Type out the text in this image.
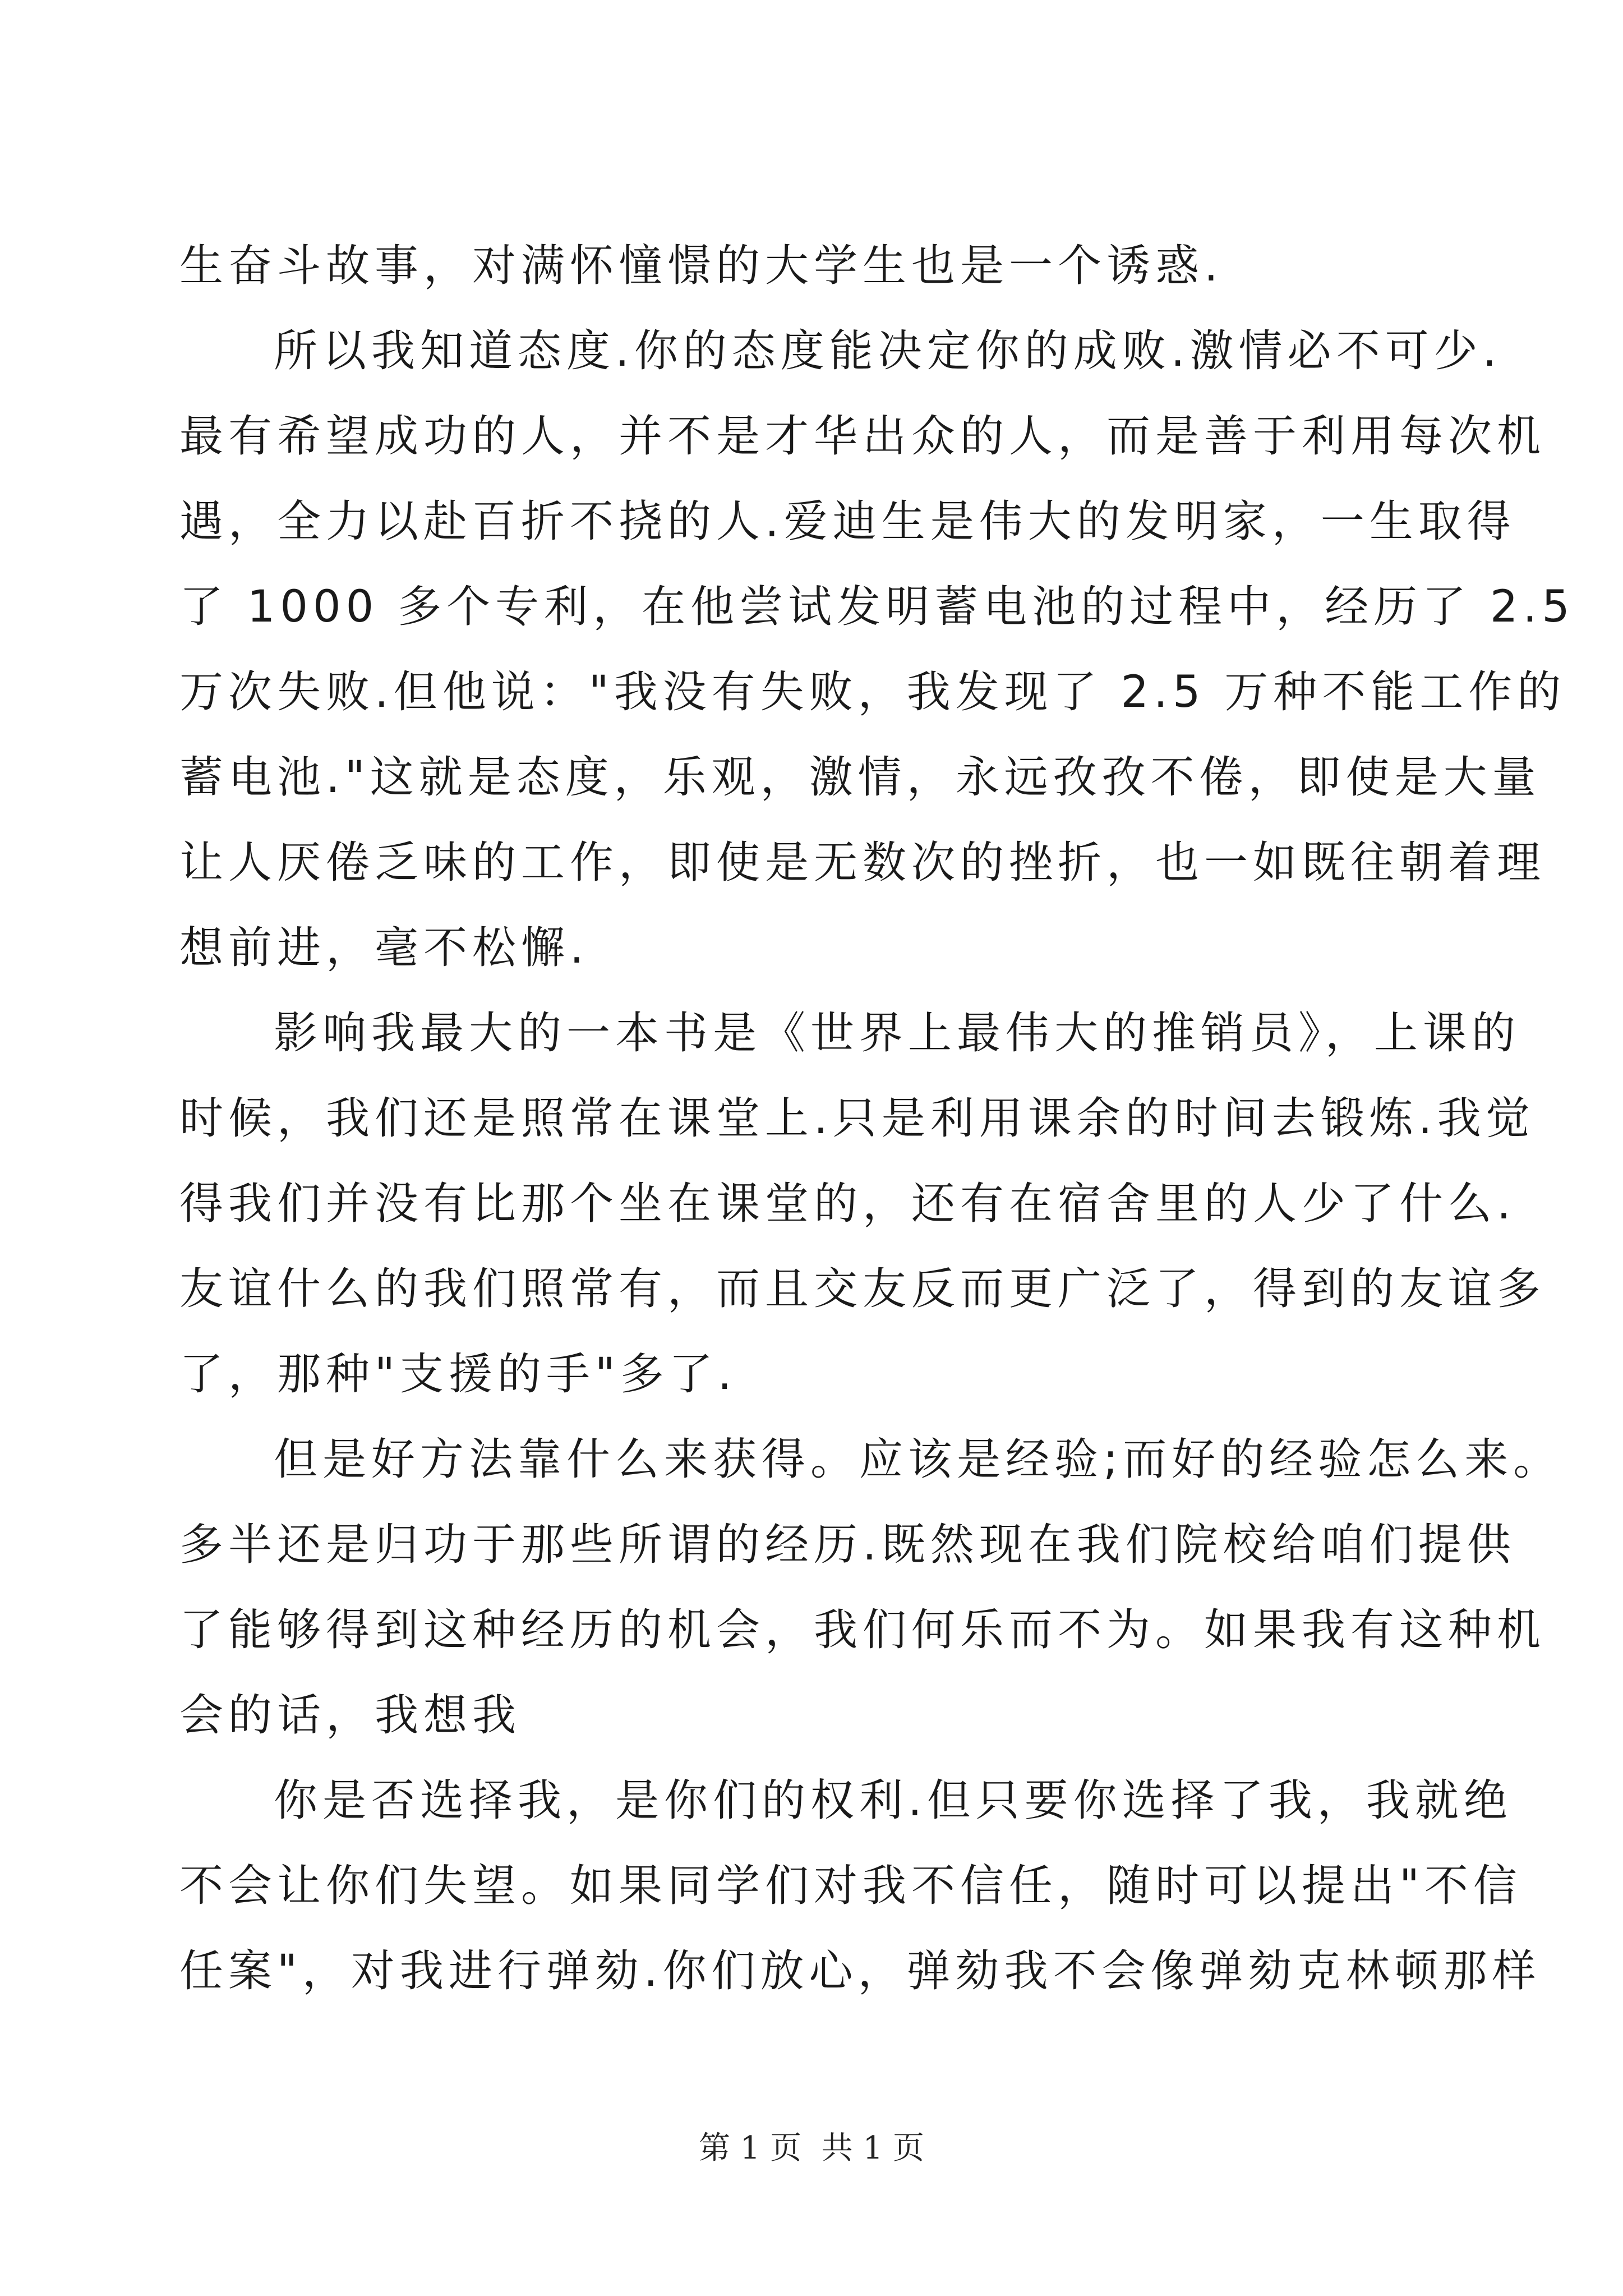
生奋斗故事，对满怀憧憬的大学生也是一个诱惑.
所以我知道态度.你的态度能决定你的成败.激情必不可少.
最有希望成功的人，并不是才华出众的人，而是善于利用每次机
遇，全力以赴百折不挠的人.爱迪生是伟大的发明家，一生取得
了 1000 多个专利，在他尝试发明蓄电池的过程中，经历了 2.5
万次失败.但他说："我没有失败，我发现了 2.5 万种不能工作的
蓄电池."这就是态度，乐观，激情，永远孜孜不倦，即使是大量
让人厌倦乏味的工作，即使是无数次的挫折，也一如既往朝着理
想前进，毫不松懈.
影响我最大的一本书是《世界上最伟大的推销员》，上课的
时候，我们还是照常在课堂上.只是利用课余的时间去锻炼.我觉
得我们并没有比那个坐在课堂的，还有在宿舍里的人少了什么.
友谊什么的我们照常有，而且交友反而更广泛了，得到的友谊多
了，那种"支援的手"多了.
但是好方法靠什么来获得。应该是经验;而好的经验怎么来。
多半还是归功于那些所谓的经历.既然现在我们院校给咱们提供
了能够得到这种经历的机会，我们何乐而不为。如果我有这种机
会的话，我想我
你是否选择我，是你们的权利.但只要你选择了我，我就绝
不会让你们失望。如果同学们对我不信任，随时可以提出"不信
任案"，对我进行弹劾.你们放心，弹劾我不会像弹劾克林顿那样
第 1 页  共 1 页
